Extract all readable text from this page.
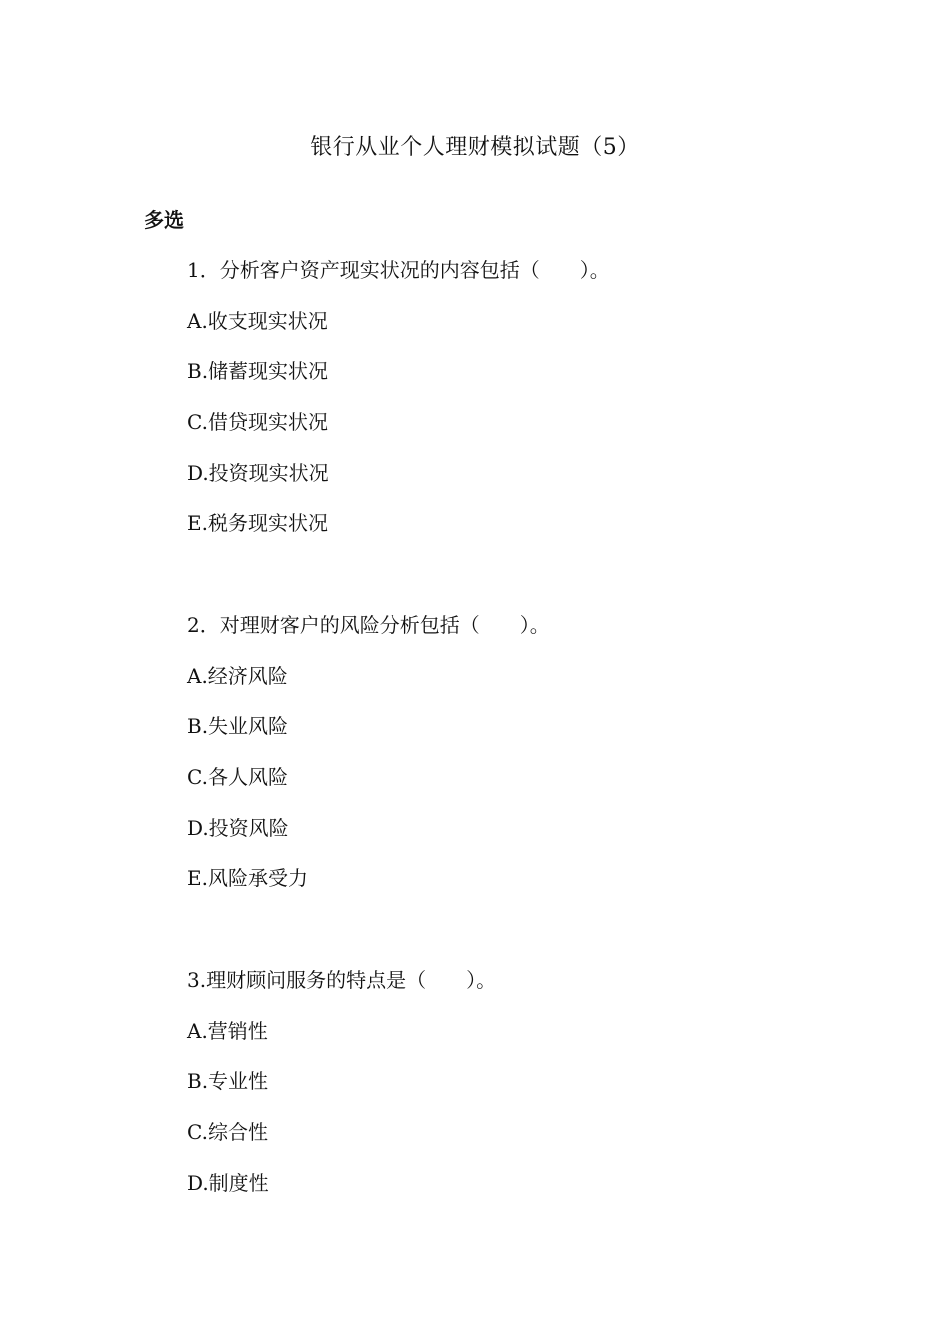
银行从业个人理财模拟试题（5）
多选
1．分析客户资产现实状况的内容包括（　　）。
A.收支现实状况
B.储蓄现实状况
C.借贷现实状况
D.投资现实状况
E.税务现实状况
2．对理财客户的风险分析包括（　　）。
A.经济风险
B.失业风险
C.各人风险
D.投资风险
E.风险承受力
3.理财顾问服务的特点是（　　）。
A.营销性
B.专业性
C.综合性
D.制度性
